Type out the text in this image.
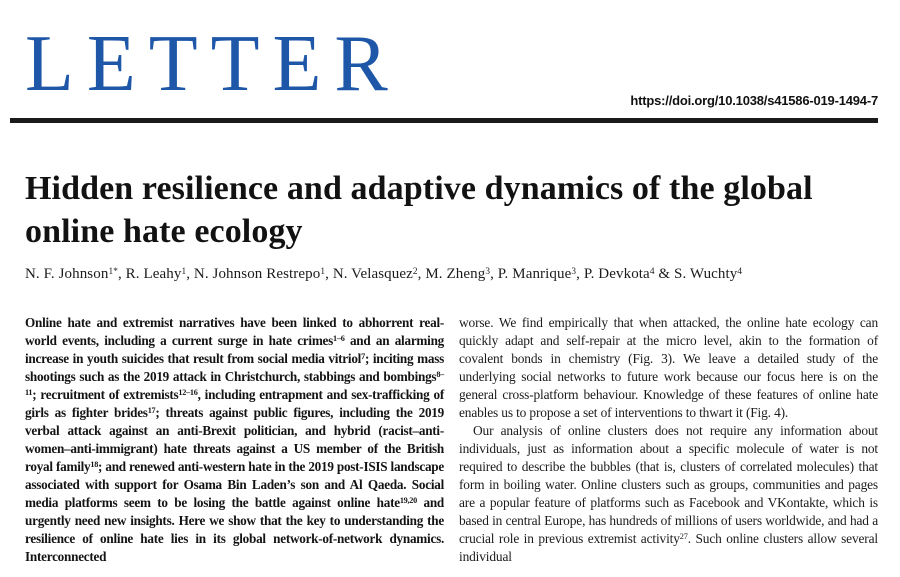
LETTER	https://doi.org/10.1038/s41586-019-1494-7
Hidden resilience and adaptive dynamics of the global online hate ecology
N. F. Johnson$^{1*}$, R. Leahy$^1$, N. Johnson Restrepo$^1$, N. Velasquez$^2$, M. Zheng$^3$, P. Manrique$^3$, P. Devkota$^4$ & S. Wuchty$^4$

Online hate and extremist narratives have been linked to abhorrent real-world events, including a current surge in hate crimes$^{1-6}$ and an alarming increase in youth suicides that result from social media vitriol$^7$; inciting mass shootings such as the 2019 attack in Christchurch, stabbings and bombings$^{8-11}$; recruitment of extremists$^{12-16}$, including entrapment and sex-trafficking of girls as fighter brides$^{17}$; threats against public figures, including the 2019 verbal attack against an anti-Brexit politician, and hybrid (racist–anti-women–anti-immigrant) hate threats against a US member of the British royal family$^{18}$; and renewed anti-western hate in the 2019 post-ISIS landscape associated with support for Osama Bin Laden’s son and Al Qaeda. Social media platforms seem to be losing the battle against online hate$^{19,20}$ and urgently need new insights. Here we show that the key to understanding the resilience of online hate lies in its global network-of-network dynamics. Interconnected

worse. We find empirically that when attacked, the online hate ecology can quickly adapt and self-repair at the micro level, akin to the formation of covalent bonds in chemistry (Fig. 3). We leave a detailed study of the underlying social networks to future work because our focus here is on the general cross-platform behaviour. Knowledge of these features of online hate enables us to propose a set of interventions to thwart it (Fig. 4).

Our analysis of online clusters does not require any information about individuals, just as information about a specific molecule of water is not required to describe the bubbles (that is, clusters of correlated molecules) that form in boiling water. Online clusters such as groups, communities and pages are a popular feature of platforms such as Facebook and VKontakte, which is based in central Europe, has hundreds of millions of users worldwide, and had a crucial role in previous extremist activity$^{27}$. Such online clusters allow several individual
